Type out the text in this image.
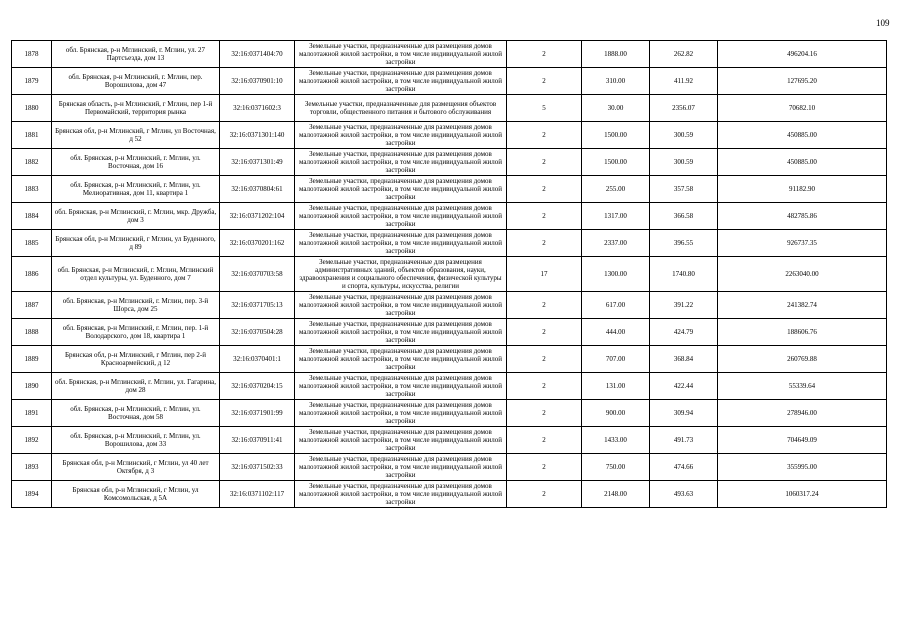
109
1878	обл. Брянская, р-н Мглинский, г. Мглин, ул. 27 Партсъезда, дом 13	32:16:0371404:70	Земельные участки, предназначенные для размещения домов малоэтажной жилой застройки, в том числе индивидуальной жилой застройки	2	1888.00	262.82	496204.16
1879	обл. Брянская, р-н Мглинский, г. Мглин, пер. Ворошилова, дом 47	32:16:0370901:10	Земельные участки, предназначенные для размещения домов малоэтажной жилой застройки, в том числе индивидуальной жилой застройки	2	310.00	411.92	127695.20
1880	Брянская область, р-н Мглинский, г Мглин, пер 1-й Первомайский, территория рынка	32:16:0371602:3	Земельные участки, предназначенные для размещения объектов торговли, общественного питания и бытового обслуживания	5	30.00	2356.07	70682.10
1881	Брянская обл, р-н Мглинский, г Мглин, ул Восточная, д 52	32:16:0371301:140	Земельные участки, предназначенные для размещения домов малоэтажной жилой застройки, в том числе индивидуальной жилой застройки	2	1500.00	300.59	450885.00
1882	обл. Брянская, р-н Мглинский, г. Мглин, ул. Восточная, дом 16	32:16:0371301:49	Земельные участки, предназначенные для размещения домов малоэтажной жилой застройки, в том числе индивидуальной жилой застройки	2	1500.00	300.59	450885.00
1883	обл. Брянская, р-н Мглинский, г. Мглин, ул. Мелиоративная, дом 11, квартира 1	32:16:0370804:61	Земельные участки, предназначенные для размещения домов малоэтажной жилой застройки, в том числе индивидуальной жилой застройки	2	255.00	357.58	91182.90
1884	обл. Брянская, р-н Мглинский, г. Мглин, мкр. Дружба, дом 3	32:16:0371202:104	Земельные участки, предназначенные для размещения домов малоэтажной жилой застройки, в том числе индивидуальной жилой застройки	2	1317.00	366.58	482785.86
1885	Брянская обл, р-н Мглинский, г Мглин, ул Буденного, д 89	32:16:0370201:162	Земельные участки, предназначенные для размещения домов малоэтажной жилой застройки, в том числе индивидуальной жилой застройки	2	2337.00	396.55	926737.35
1886	обл. Брянская, р-н Мглинский, г. Мглин, Мглинский отдел культуры, ул. Буденного, дом 7	32:16:0370703:58	Земельные участки, предназначенные для размещения административных зданий, объектов образования, науки, здравоохранения и социального обеспечения, физической культуры и спорта, культуры, искусства, религии	17	1300.00	1740.80	2263040.00
1887	обл. Брянская, р-н Мглинский, г. Мглин, пер. 3-й Шорса, дом 25	32:16:0371705:13	Земельные участки, предназначенные для размещения домов малоэтажной жилой застройки, в том числе индивидуальной жилой застройки	2	617.00	391.22	241382.74
1888	обл. Брянская, р-н Мглинский, г. Мглин, пер. 1-й Володарского, дом 18, квартира 1	32:16:0370504:28	Земельные участки, предназначенные для размещения домов малоэтажной жилой застройки, в том числе индивидуальной жилой застройки	2	444.00	424.79	188606.76
1889	Брянская обл, р-н Мглинский, г Мглин, пер 2-й Красноармейский, д 12	32:16:0370401:1	Земельные участки, предназначенные для размещения домов малоэтажной жилой застройки, в том числе индивидуальной жилой застройки	2	707.00	368.84	260769.88
1890	обл. Брянская, р-н Мглинский, г. Мглин, ул. Гагарина, дом 28	32:16:0370204:15	Земельные участки, предназначенные для размещения домов малоэтажной жилой застройки, в том числе индивидуальной жилой застройки	2	131.00	422.44	55339.64
1891	обл. Брянская, р-н Мглинский, г. Мглин, ул. Восточная, дом 58	32:16:0371901:99	Земельные участки, предназначенные для размещения домов малоэтажной жилой застройки, в том числе индивидуальной жилой застройки	2	900.00	309.94	278946.00
1892	обл. Брянская, р-н Мглинский, г. Мглин, ул. Ворошилова, дом 33	32:16:0370911:41	Земельные участки, предназначенные для размещения домов малоэтажной жилой застройки, в том числе индивидуальной жилой застройки	2	1433.00	491.73	704649.09
1893	Брянская обл, р-н Мглинский, г Мглин, ул 40 лет Октября, д 3	32:16:0371502:33	Земельные участки, предназначенные для размещения домов малоэтажной жилой застройки, в том числе индивидуальной жилой застройки	2	750.00	474.66	355995.00
1894	Брянская обл, р-н Мглинский, г Мглин, ул Комсомольская, д 5А	32:16:0371102:117	Земельные участки, предназначенные для размещения домов малоэтажной жилой застройки, в том числе индивидуальной жилой застройки	2	2148.00	493.63	1060317.24
